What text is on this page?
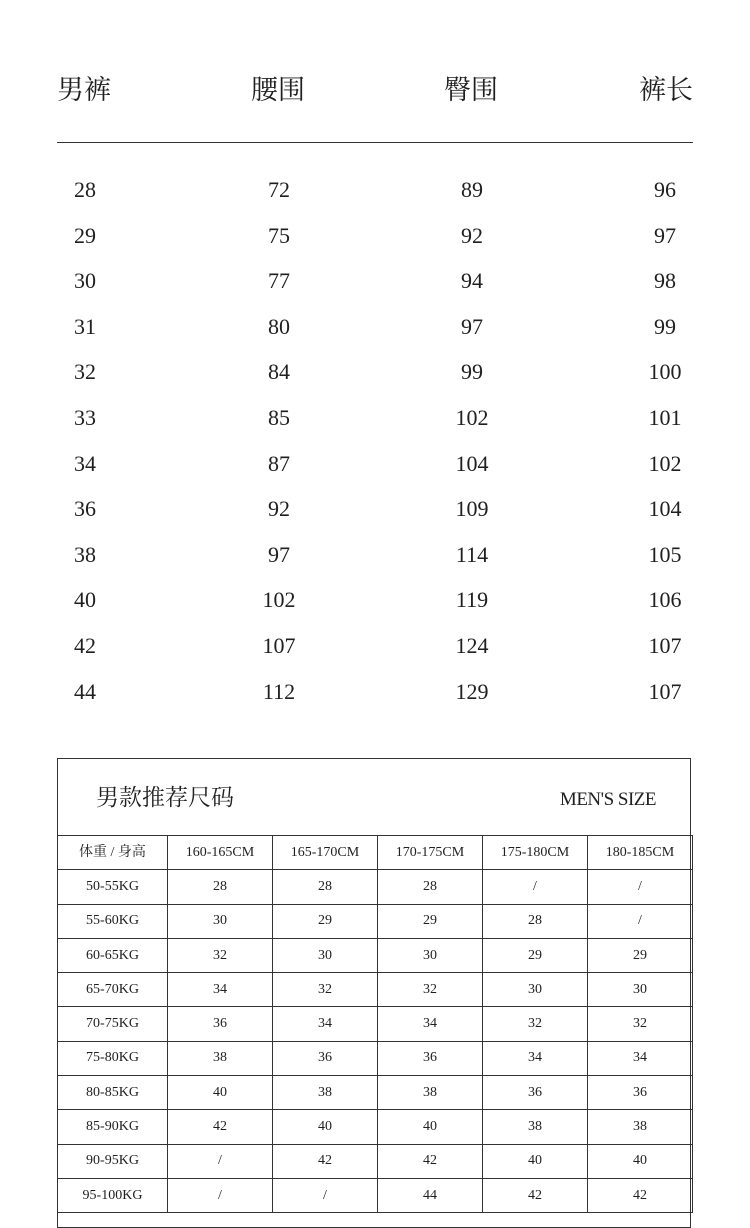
男裤	腰围	臀围	裤长
28	72	89	96
29	75	92	97
30	77	94	98
31	80	97	99
32	84	99	100
33	85	102	101
34	87	104	102
36	92	109	104
38	97	114	105
40	102	119	106
42	107	124	107
44	112	129	107
男款推荐尺码	MEN'S SIZE
体重 / 身高	160-165CM	165-170CM	170-175CM	175-180CM	180-185CM
50-55KG	28	28	28	/	/
55-60KG	30	29	29	28	/
60-65KG	32	30	30	29	29
65-70KG	34	32	32	30	30
70-75KG	36	34	34	32	32
75-80KG	38	36	36	34	34
80-85KG	40	38	38	36	36
85-90KG	42	40	40	38	38
90-95KG	/	42	42	40	40
95-100KG	/	/	44	42	42
